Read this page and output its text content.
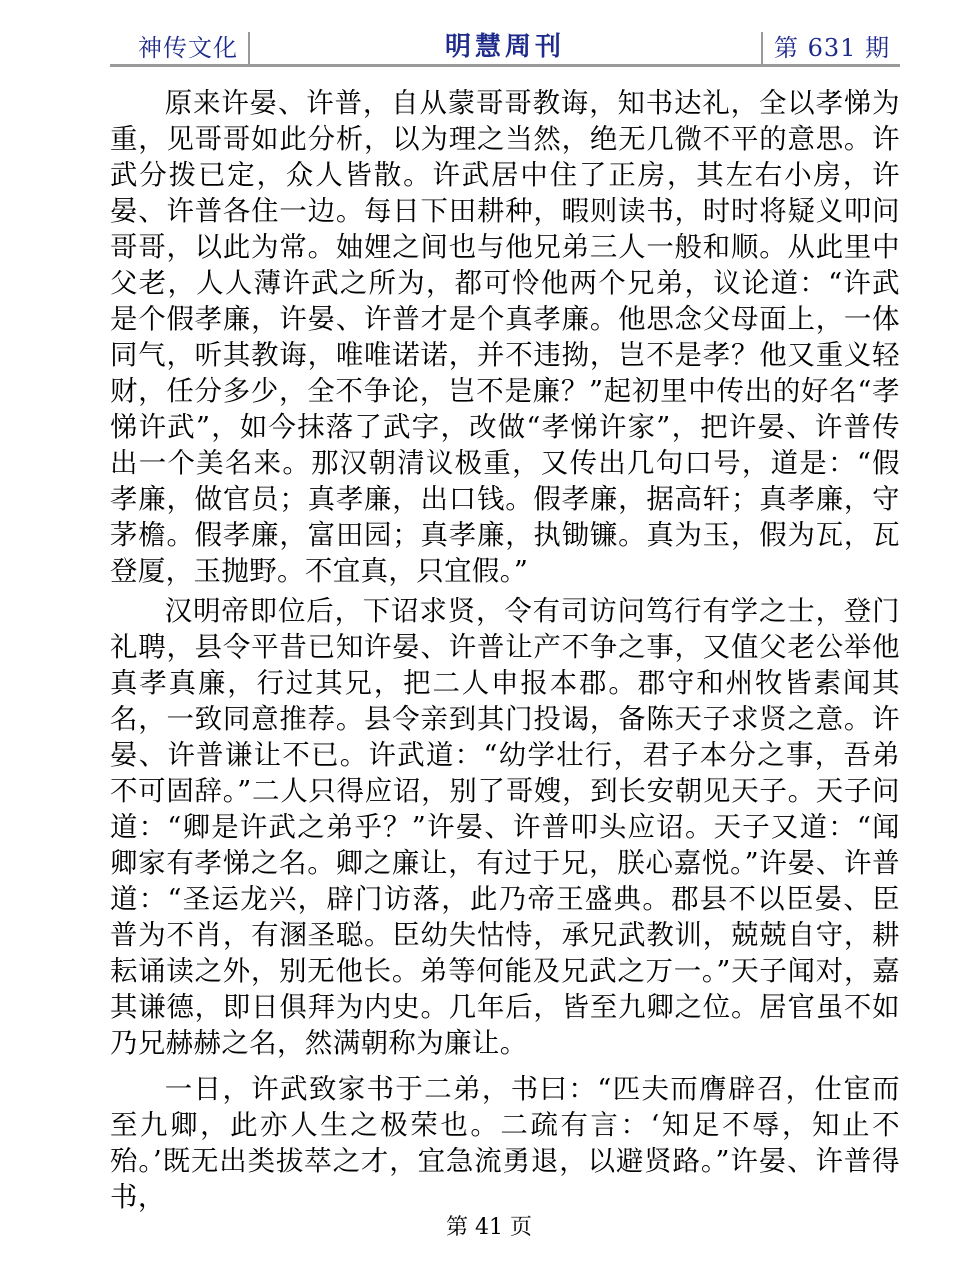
神传文化	明慧周刊	第 631 期

原来许晏、许普，自从蒙哥哥教诲，知书达礼，全以孝悌为重，见哥哥如此分析，以为理之当然，绝无几微不平的意思。许武分拨已定，众人皆散。许武居中住了正房，其左右小房，许晏、许普各住一边。每日下田耕种，暇则读书，时时将疑义叩问哥哥，以此为常。妯娌之间也与他兄弟三人一般和顺。从此里中父老，人人薄许武之所为，都可怜他两个兄弟，议论道：“许武是个假孝廉，许晏、许普才是个真孝廉。他思念父母面上，一体同气，听其教诲，唯唯诺诺，并不违拗，岂不是孝？他又重义轻财，任分多少，全不争论，岂不是廉？”起初里中传出的好名“孝悌许武”，如今抹落了武字，改做“孝悌许家”，把许晏、许普传出一个美名来。那汉朝清议极重，又传出几句口号，道是：“假孝廉，做官员；真孝廉，出口钱。假孝廉，据高轩；真孝廉，守茅檐。假孝廉，富田园；真孝廉，执锄镰。真为玉，假为瓦，瓦登厦，玉抛野。不宜真，只宜假。”

汉明帝即位后，下诏求贤，令有司访问笃行有学之士，登门礼聘，县令平昔已知许晏、许普让产不争之事，又值父老公举他真孝真廉，行过其兄，把二人申报本郡。郡守和州牧皆素闻其名，一致同意推荐。县令亲到其门投谒，备陈天子求贤之意。许晏、许普谦让不已。许武道：“幼学壮行，君子本分之事，吾弟不可固辞。”二人只得应诏，别了哥嫂，到长安朝见天子。天子问道：“卿是许武之弟乎？”许晏、许普叩头应诏。天子又道：“闻卿家有孝悌之名。卿之廉让，有过于兄，朕心嘉悦。”许晏、许普道：“圣运龙兴，辟门访落，此乃帝王盛典。郡县不以臣晏、臣普为不肖，有溷圣聪。臣幼失怙恃，承兄武教训，兢兢自守，耕耘诵读之外，别无他长。弟等何能及兄武之万一。”天子闻对，嘉其谦德，即日俱拜为内史。几年后，皆至九卿之位。居官虽不如乃兄赫赫之名，然满朝称为廉让。

一日，许武致家书于二弟，书曰：“匹夫而膺辟召，仕宦而至九卿，此亦人生之极荣也。二疏有言：‘知足不辱，知止不殆。’既无出类拔萃之才，宜急流勇退，以避贤路。”许晏、许普得书，

第 41 页
